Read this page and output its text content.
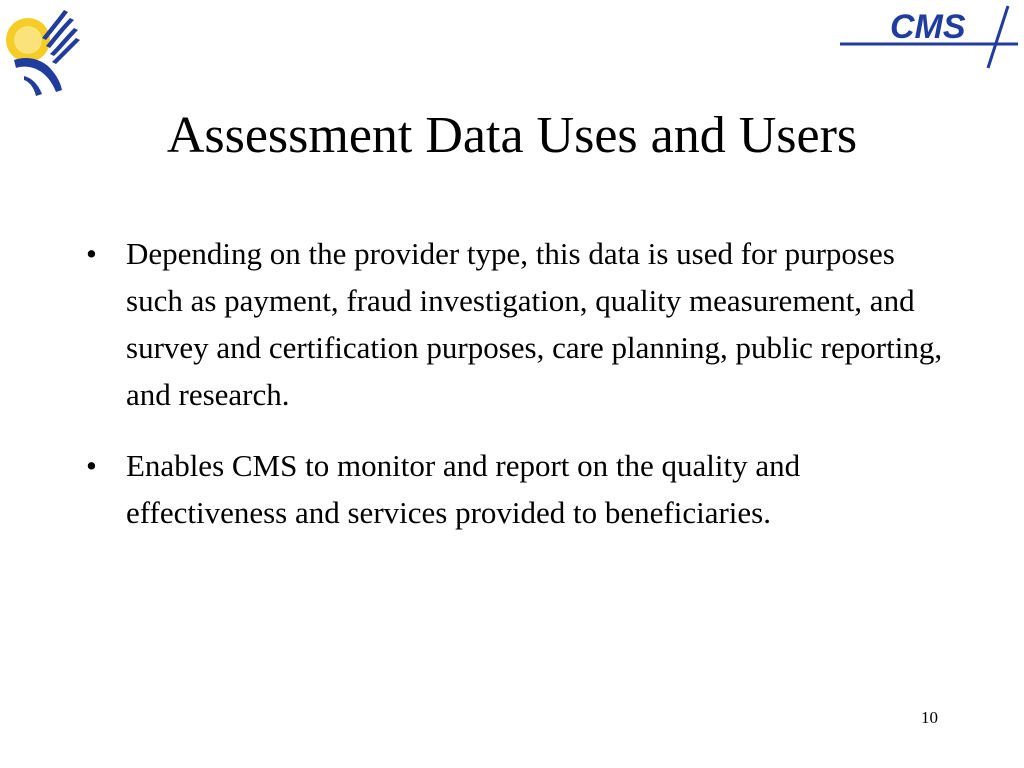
CMS
Assessment Data Uses and Users
• Depending on the provider type, this data is used for purposes such as payment, fraud investigation, quality measurement, and survey and certification purposes, care planning, public reporting, and research.
• Enables CMS to monitor and report on the quality and effectiveness and services provided to beneficiaries.
10
